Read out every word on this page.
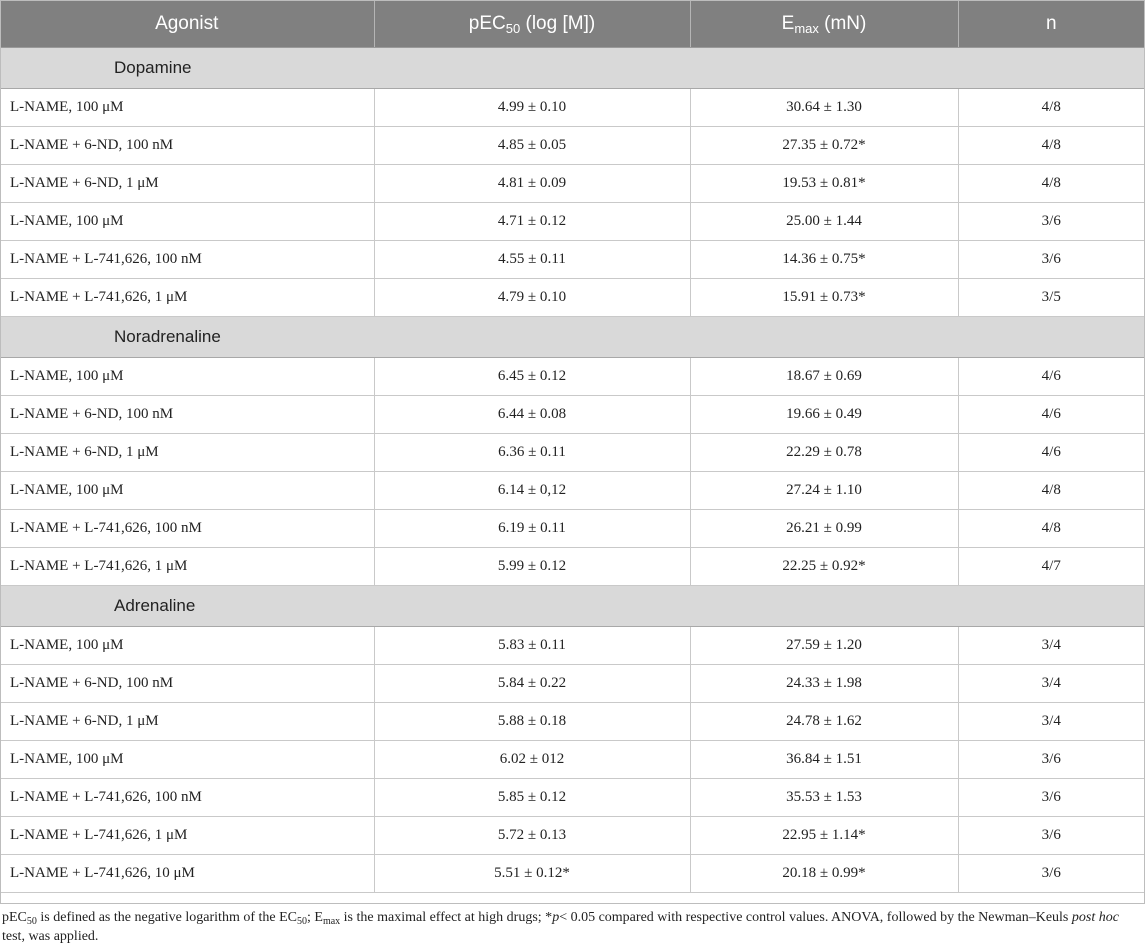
Agonist	pEC$_{50}$ (log [M])	$E_{max}$ (mN)	n
Dopamine			
L-NAME, 100 μM	4.99 ± 0.10	30.64 ± 1.30	4/8
L-NAME + 6-ND, 100 nM	4.85 ± 0.05	27.35 ± 0.72*	4/8
L-NAME + 6-ND, 1 μM	4.81 ± 0.09	19.53 ± 0.81*	4/8
L-NAME, 100 μM	4.71 ± 0.12	25.00 ± 1.44	3/6
L-NAME + L-741,626, 100 nM	4.55 ± 0.11	14.36 ± 0.75*	3/6
L-NAME + L-741,626, 1 μM	4.79 ± 0.10	15.91 ± 0.73*	3/5
Noradrenaline			
L-NAME, 100 μM	6.45 ± 0.12	18.67 ± 0.69	4/6
L-NAME + 6-ND, 100 nM	6.44 ± 0.08	19.66 ± 0.49	4/6
L-NAME + 6-ND, 1 μM	6.36 ± 0.11	22.29 ± 0.78	4/6
L-NAME, 100 μM	6.14 ± 0,12	27.24 ± 1.10	4/8
L-NAME + L-741,626, 100 nM	6.19 ± 0.11	26.21 ± 0.99	4/8
L-NAME + L-741,626, 1 μM	5.99 ± 0.12	22.25 ± 0.92*	4/7
Adrenaline			
L-NAME, 100 μM	5.83 ± 0.11	27.59 ± 1.20	3/4
L-NAME + 6-ND, 100 nM	5.84 ± 0.22	24.33 ± 1.98	3/4
L-NAME + 6-ND, 1 μM	5.88 ± 0.18	24.78 ± 1.62	3/4
L-NAME, 100 μM	6.02 ± 012	36.84 ± 1.51	3/6
L-NAME + L-741,626, 100 nM	5.85 ± 0.12	35.53 ± 1.53	3/6
L-NAME + L-741,626, 1 μM	5.72 ± 0.13	22.95 ± 1.14*	3/6
L-NAME + L-741,626, 10 μM	5.51 ± 0.12*	20.18 ± 0.99*	3/6

pEC$_{50}$ is defined as the negative logarithm of the $EC_{50}$; $E_{max}$ is the maximal effect at high drugs; *p< 0.05 compared with respective control values. ANOVA, followed by the Newman–Keuls post hoc test, was applied.
